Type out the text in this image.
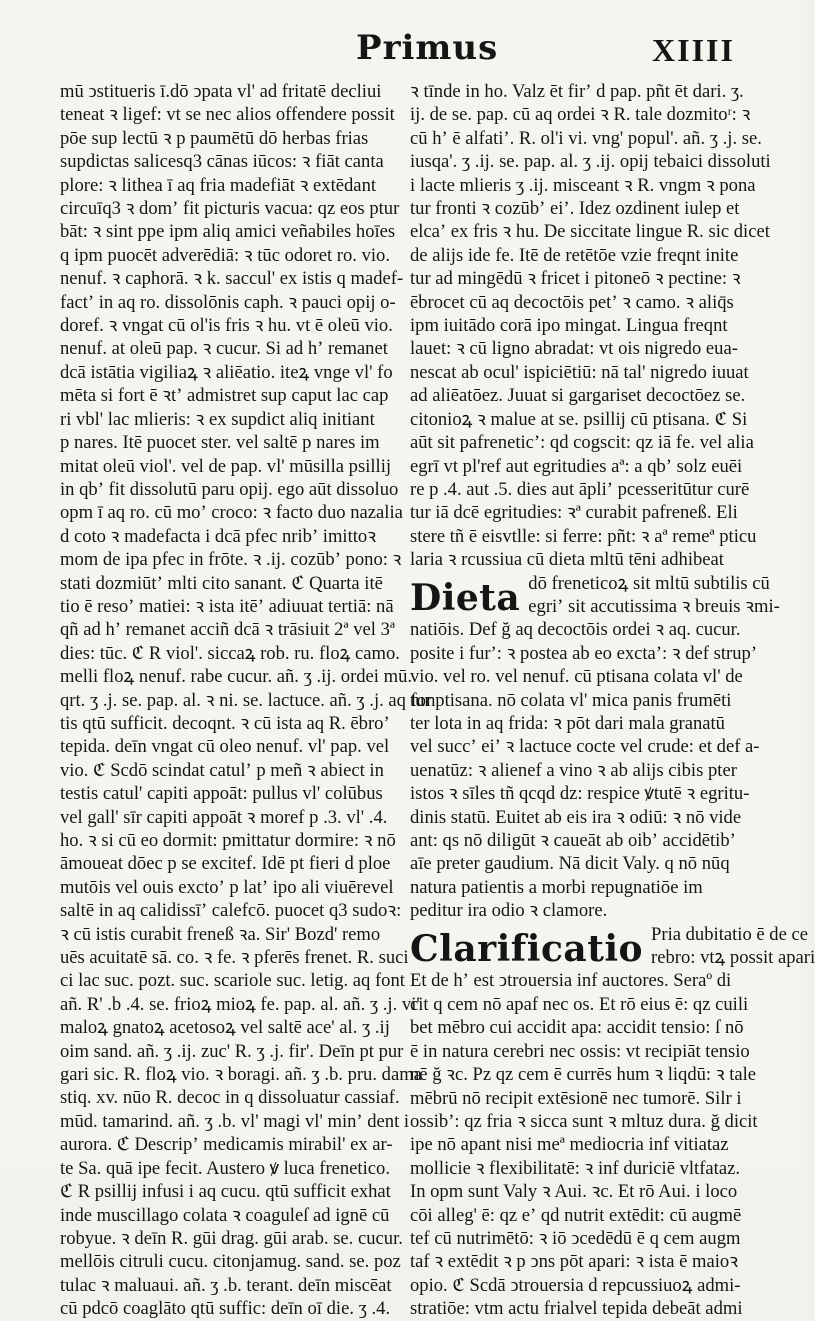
Primus	XIIII
mū ↄstitueris ī.dō ↄpata vl' ad fritatē decliui
teneat ꝛ ligef: vt se nec alios offendere possit
pōe sup lectū ꝛ p paumētū dō herbas frias
supdictas salicesq3 cānas iūcos: ꝛ fiāt canta
plore: ꝛ lithea ī aq fria madefiāt ꝛ extēdant
circuīq3 ꝛ domʼ fit picturis vacua: qz eos ptur
bāt: ꝛ sint ppe ipm aliq amici veñabiles hoīes
q ipm puocēt adverēdiā: ꝛ tūc odoret ro. vio.
nenuf. ꝛ caphorā. ꝛ k. saccul' ex istis q madef-
factʼ in aq ro. dissolōnis caph. ꝛ pauci opij o-
doref. ꝛ vngat cū ol'is fris ꝛ hu. vt ē oleū vio.
nenuf. at oleū pap. ꝛ cucur. Si ad hʼ remanet
dcā istātia vigiliaꝝ ꝛ aliēatio. iteꝝ vnge vl' fo
mēta si fort ē ꝛtʼ admistret sup caput lac cap
ri vbl' lac mlieris: ꝛ ex supdict aliq initiant
p nares. Itē puocet ster. vel saltē p nares im
mitat oleū viol'. vel de pap. vl' mūsilla psillij
in qbʼ fit dissolutū paru opij. ego aūt dissoluo
opm ī aq ro. cū moʼ croco: ꝛ facto duo nazalia
d coto ꝛ madefacta i dcā pfec nribʼ imittoꝛ
mom de ipa pfec in frōte. ꝛ .ij. cozūbʼ pono: ꝛ
stati dozmiūtʼ mlti cito sanant. ℭ Quarta itē
tio ē resoʼ matiei: ꝛ ista itēʼ adiuuat tertiā: nā
qñ ad hʼ remanet acciñ dcā ꝛ trāsiuit 2ª vel 3ª
dies: tūc. ℭ R viol'. siccaꝝ rob. ru. floꝝ camo.
melli floꝝ nenuf. rabe cucur. añ. ʒ .ij. ordei mū.
qrt. ʒ .j. se. pap. al. ꝛ ni. se. lactuce. añ. ʒ .j. aq fon
tis qtū sufficit. decoqnt. ꝛ cū ista aq R. ēbroʼ
tepida. deīn vngat cū oleo nenuf. vl' pap. vel
vio. ℭ Scdō scindat catulʼ p meñ ꝛ abiect in
testis catul' capiti appoāt: pullus vl' colūbus
vel gall' sīr capiti appoāt ꝛ moref p .3. vl' .4.
ho. ꝛ si cū eo dormit: pmittatur dormire: ꝛ nō
āmoueat dōec p se excitef. Idē pt fieri d ploe
mutōis vel ouis exctoʼ p latʼ ipo ali viuērevel
saltē in aq calidissīʼ calefcō. puocet q3 sudoꝛ:
ꝛ cū istis curabit freneß ꝛa. Sir' Bozd' remo
uēs acuitatē sā. co. ꝛ fe. ꝛ pferēs frenet. R. suci
ci lac suc. pozt. suc. scariole suc. letig. aq font
añ. R' .b .4. se. frioꝝ mioꝝ fe. pap. al. añ. ʒ .j. vi'
maloꝝ gnatoꝝ acetosoꝝ vel saltē ace' al. ʒ .ij
oim sand. añ. ʒ .ij. zuc' R. ʒ .j. fir'. Deīn pt pur
gari sic. R. floꝝ vio. ꝛ boragi. añ. ʒ .b. pru. dama
stiq. xv. nūo R. decoc in q dissoluatur cassiaf.
mūd. tamarind. añ. ʒ .b. vl' magi vl' minʼ dent i
aurora. ℭ Descripʼ medicamis mirabil' ex ar-
te Sa. quā ipe fecit. Austero ꝟ luca frenetico.
ℭ R psillij infusi i aq cucu. qtū sufficit exhat
inde muscillago colata ꝛ coaguleſ ad ignē cū
robyue. ꝛ deīn R. gūi drag. gūi arab. se. cucur.
mellōis citruli cucu. citonjamug. sand. se. poz
tulac ꝛ maluaui. añ. ʒ .b. terant. deīn miscēat
cū pdcō coaglāto qtū suffic: deīn oī die. ʒ .4.
ꝛ tīnde in ho. Valz ēt firʼ d pap. pñt ēt dari. ʒ.
ij. de se. pap. cū aq ordei ꝛ R. tale dozmitoʳ: ꝛ
cū hʼ ē alfatiʼ. R. ol'i vi. vng' popul'. añ. ʒ .j. se.
iusqa'. ʒ .ij. se. pap. al. ʒ .ij. opij tebaici dissoluti
i lacte mlieris ʒ .ij. misceant ꝛ R. vngm ꝛ pona
tur fronti ꝛ cozūbʼ eiʼ. Idez ozdinent iulep et
elcaʼ ex fris ꝛ hu. De siccitate lingue R. sic dicet
de alijs ide fe. Itē de retētōe vzie freqnt inite
tur ad mingēdū ꝛ fricet i pitoneō ꝛ pectine: ꝛ
ēbrocet cū aq decoctōis petʼ ꝛ camo. ꝛ aliq̄s
ipm iuitādo corā ipo mingat. Lingua freqnt
lauet: ꝛ cū ligno abradat: vt ois nigredo eua-
nescat ab ocul' ispiciētiū: nā tal' nigredo iuuat
ad aliēatōez. Juuat si gargariset decoctōez se.
citonioꝝ ꝛ malue at se. psillij cū ptisana. ℭ Si
aūt sit pafreneticʼ: qd cogscit: qz iā fe. vel alia
egrī vt pl'ref aut egritudies aª: a qbʼ solz euēi
re p .4. aut .5. dies aut āpliʼ pcesseritūtur curē
tur iā dcē egritudies: ꝛª curabit pafreneß. Eli
stere tñ ē eisvtlle: si ferre: pñt: ꝛ aª remeª pticu
laria ꝛ rcussiua cū dieta mltū tēni adhibeat
Dieta dō freneticoꝝ sit mltū subtilis cū
egriʼ sit accutissima ꝛ breuis ꝛmi-
natiōis. Def ğ aq decoctōis ordei ꝛ aq. cucur.
posite i furʼ: ꝛ postea ab eo exctaʼ: ꝛ def strupʼ
vio. vel ro. vel nenuf. cū ptisana colata vl' de
tur ptisana. nō colata vl' mica panis frumēti
ter lota in aq frida: ꝛ pōt dari mala granatū
vel succʼ eiʼ ꝛ lactuce cocte vel crude: et def a-
uenatūz: ꝛ alienef a vino ꝛ ab alijs cibis pter
istos ꝛ sīles tñ qcqd dz: respice ꝟtutē ꝛ egritu-
dinis statū. Euitet ab eis ira ꝛ odiū: ꝛ nō vide
ant: qs nō diligūt ꝛ caueāt ab oibʼ accidētibʼ
aīe preter gaudium. Nā dicit Valy. q nō nūq
natura patientis a morbi repugnatiōe im
peditur ira odio ꝛ clamore.
Clarificatio Pria dubitatio ē de ce
rebro: vtꝝ possit apari
Et de hʼ est ↄtrouersia inf auctores. Seraº di
cit q cem nō apaf nec os. Et rō eius ē: qz cuili
bet mēbro cui accidit apa: accidit tensio: ſ nō
ē in natura cerebri nec ossis: vt recipiāt tensio
nē ğ ꝛc. Pz qz cem ē currēs hum ꝛ liqdū: ꝛ tale
mēbrū nō recipit extēsionē nec tumorē. Silr i
ossibʼ: qz fria ꝛ sicca sunt ꝛ mltuz dura. ğ dicit
ipe nō apant nisi meª mediocria inf vitiataz
mollicie ꝛ flexibilitatē: ꝛ inf duriciē vltfataz.
In opm sunt Valy ꝛ Aui. ꝛc. Et rō Aui. i loco
cōi alleg' ē: qz eʼ qd nutrit extēdit: cū augmē
tef cū nutrimētō: ꝛ iō ↄcedēdū ē q cem augm
taf ꝛ extēdit ꝛ p ↄns pōt apari: ꝛ ista ē maioꝛ
opio. ℭ Scdā ↄtrouersia d repcussiuoꝝ admi-
stratiōe: vtm actu frialvel tepida debeāt admi
